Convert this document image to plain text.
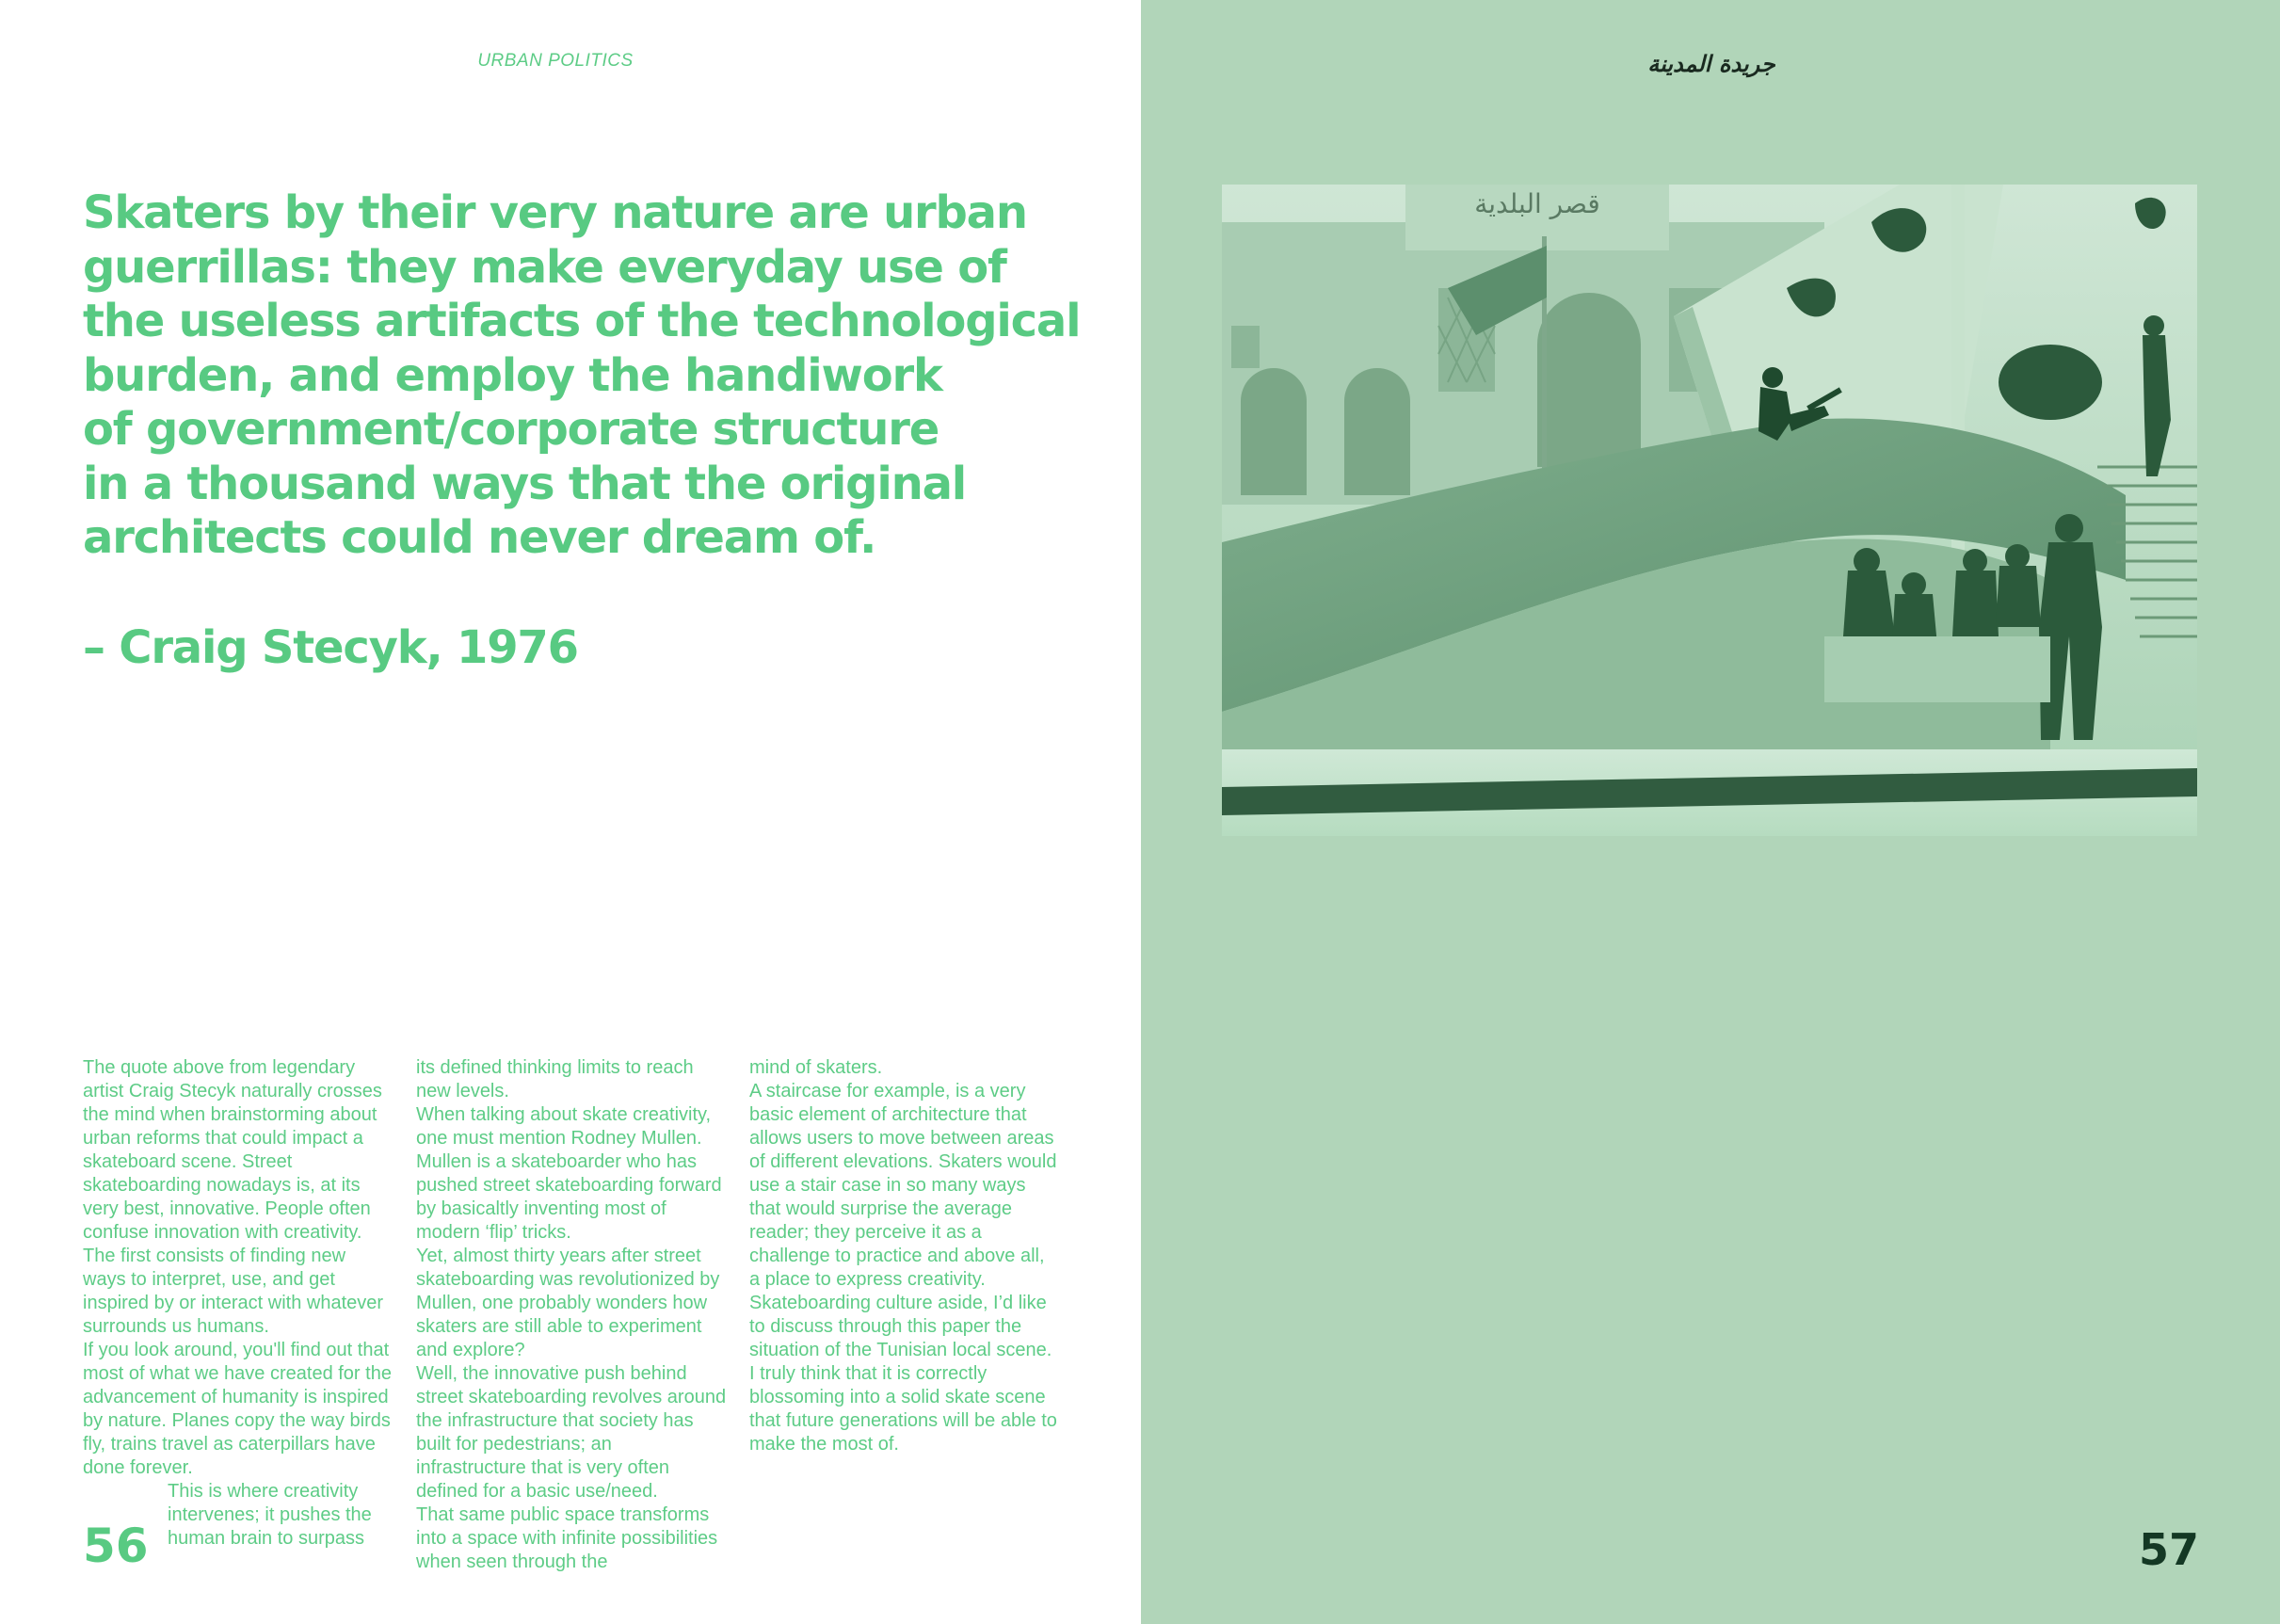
URBAN POLITICS
Skaters by their very nature are urban
guerrillas: they make everyday use of
the useless artifacts of the technological
burden, and employ the handiwork
of government/corporate structure
in a thousand ways that the original
architects could never dream of.
– Craig Stecyk, 1976

The quote above from legendary artist Craig Stecyk naturally crosses the mind when brainstorming about urban reforms that could impact a skateboard scene. Street skateboarding nowadays is, at its very best, innovative. People often confuse innovation with creativity. The first consists of finding new ways to interpret, use, and get inspired by or interact with whatever surrounds us humans.

If you look around, you'll find out that most of what we have created for the advancement of humanity is inspired by nature. Planes copy the way birds fly, trains travel as caterpillars have done forever.

This is where creativity intervenes; it pushes the human brain to surpass

its defined thinking limits to reach new levels.

When talking about skate creativity, one must mention Rodney Mullen. Mullen is a skateboarder who has pushed street skateboarding forward by basicaltly inventing most of modern ‘flip’ tricks.

Yet, almost thirty years after street skateboarding was revolutionized by Mullen, one probably wonders how skaters are still able to experiment and explore?

Well, the innovative push behind street skateboarding revolves around the infrastructure that society has built for pedestrians; an infrastructure that is very often defined for a basic use/need.

That same public space transforms into a space with infinite possibilities when seen through the

mind of skaters.

A staircase for example, is a very basic element of architecture that allows users to move between areas of different elevations. Skaters would use a stair case in so many ways that would surprise the average reader; they perceive it as a challenge to practice and above all, a place to express creativity.

Skateboarding culture aside, I’d like to discuss through this paper the situation of the Tunisian local scene. I truly think that it is correctly blossoming into a solid skate scene that future generations will be able to make the most of.

56
جريدة المدينة
قصر البلدية
57
